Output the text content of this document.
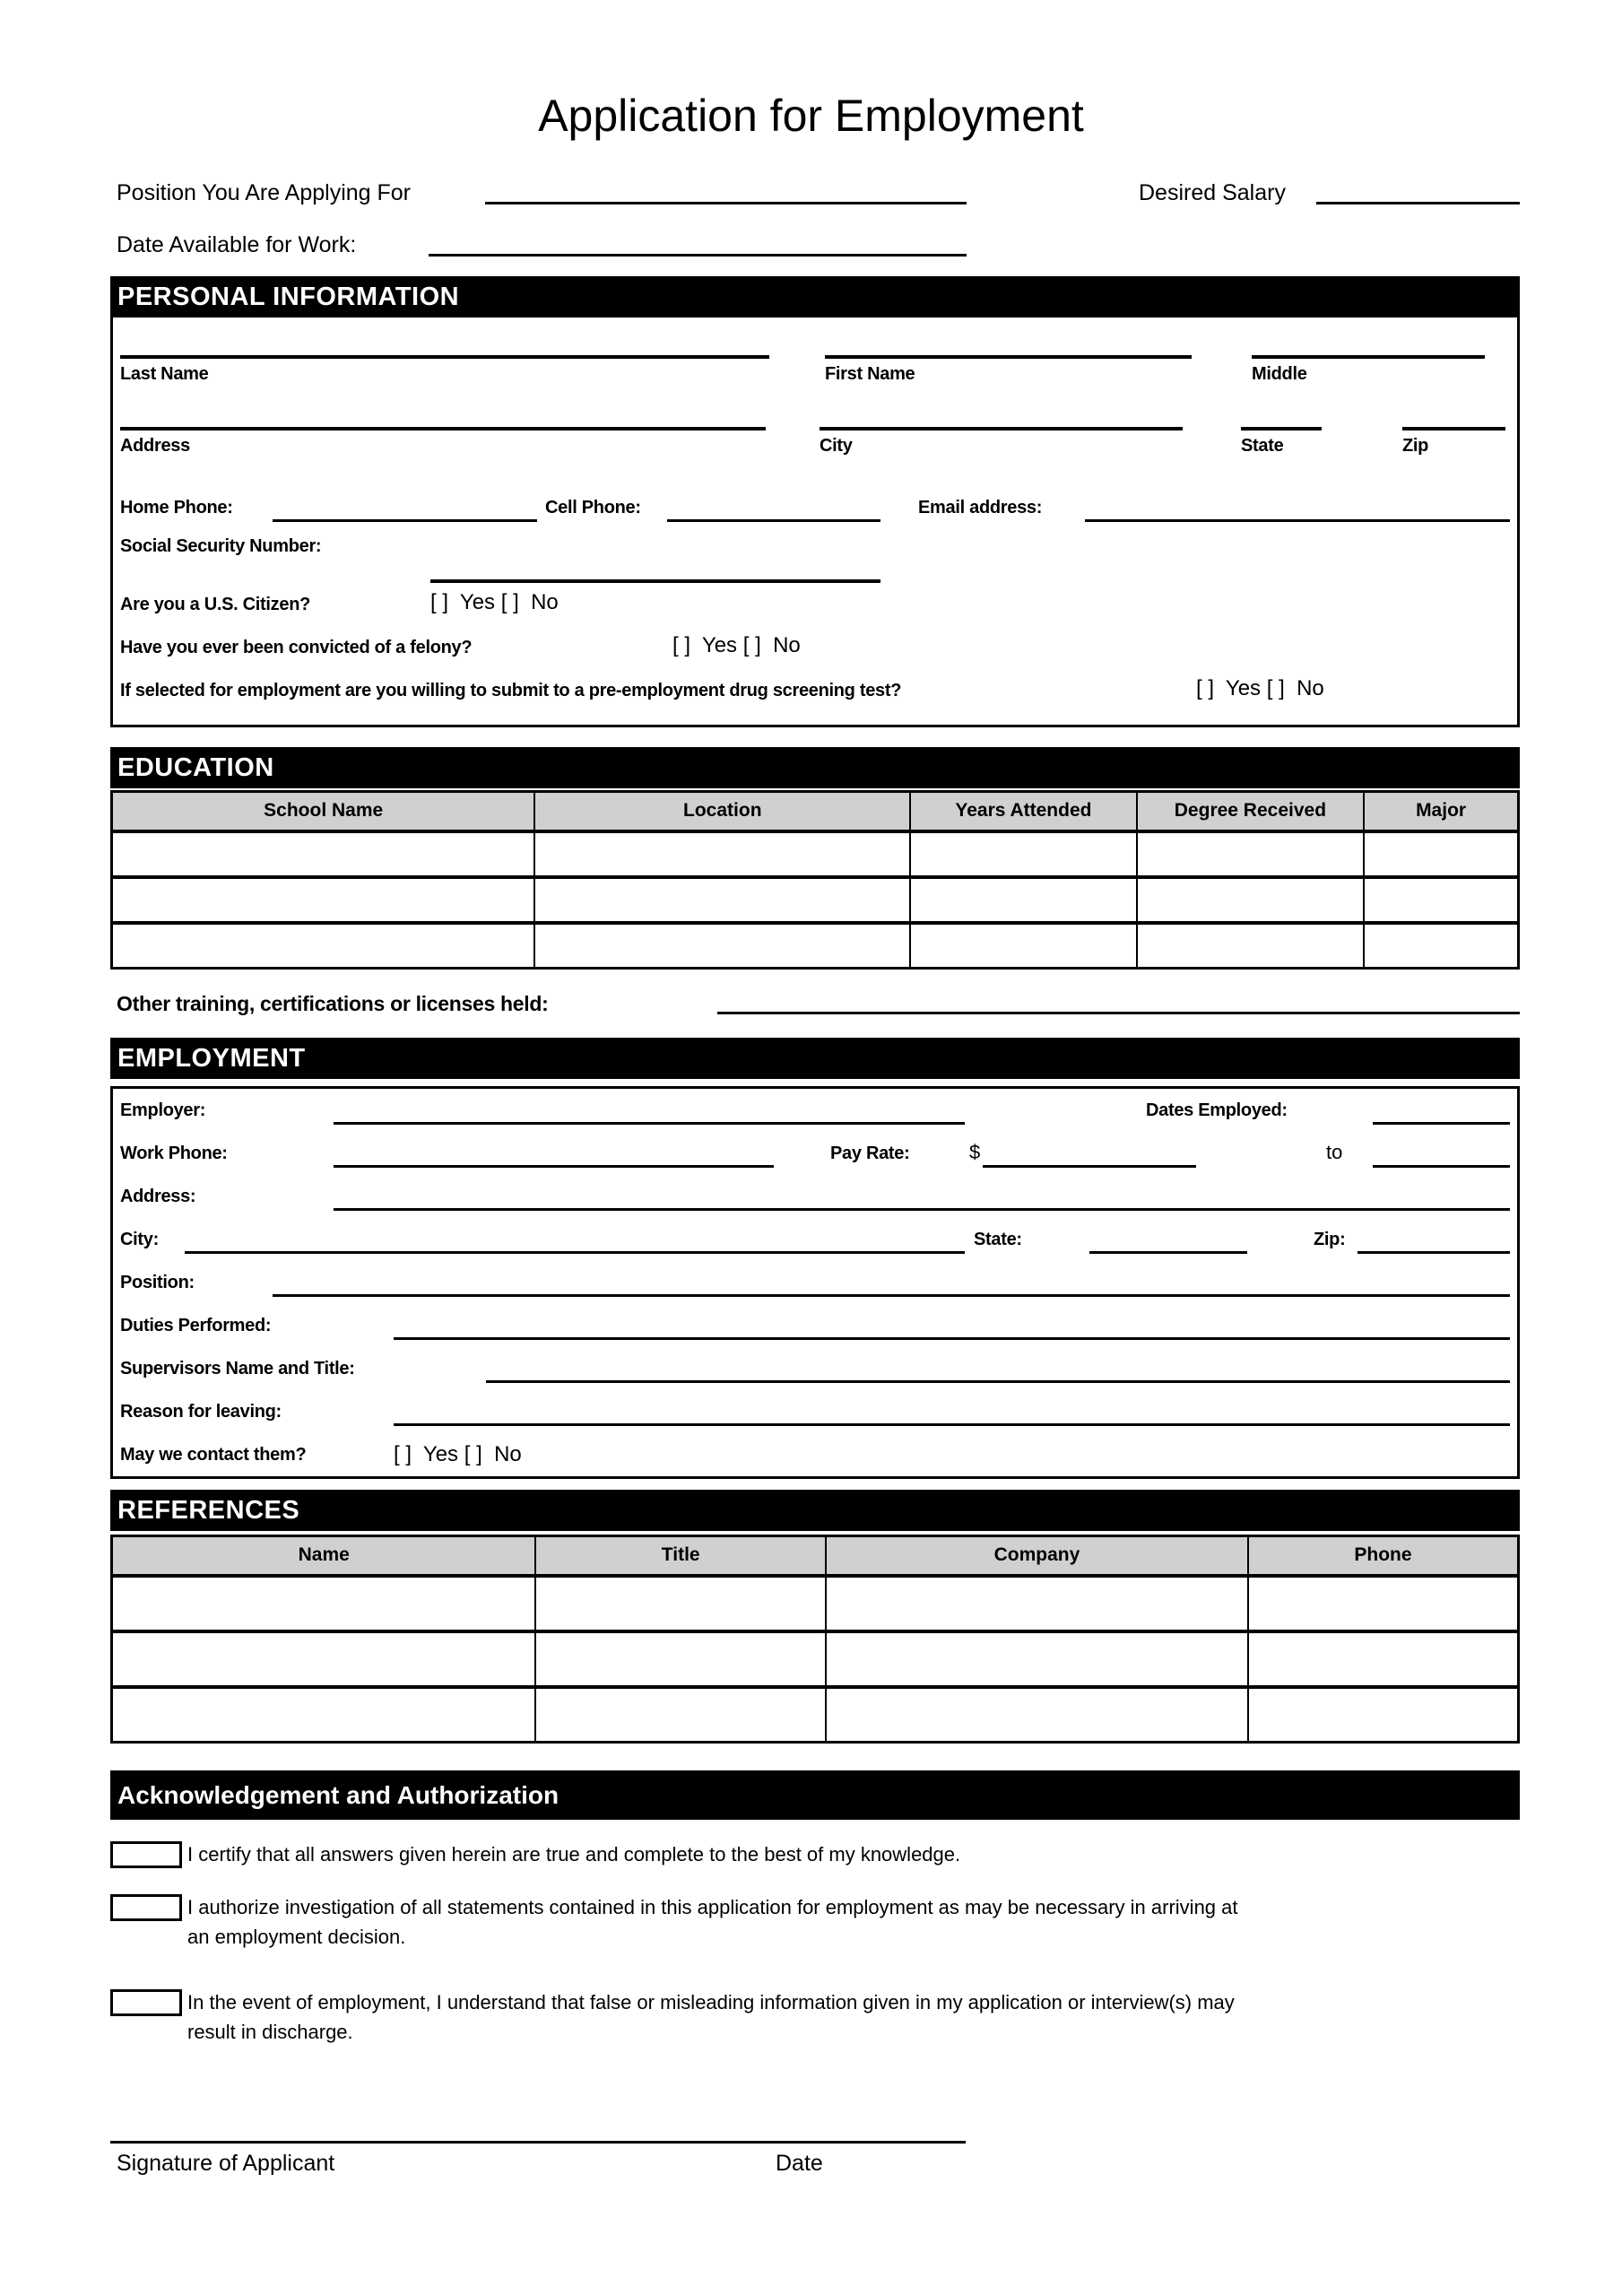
Application for Employment
Position You Are Applying For	Desired Salary
Date Available for Work:
PERSONAL INFORMATION
Last Name	First Name	Middle
Address	City	State	Zip
Home Phone:	Cell Phone:	Email address:
Social Security Number:
Are you a U.S. Citizen?	[ ]  Yes [ ]  No
Have you ever been convicted of a felony?	[ ]  Yes [ ]  No
If selected for employment are you willing to submit to a pre-employment drug screening test?	[ ]  Yes [ ]  No
EDUCATION
School Name	Location	Years Attended	Degree Received	Major

Other training, certifications or licenses held:
EMPLOYMENT
Employer:	Dates Employed:
Work Phone:	Pay Rate:	$	to
Address:
City:	State:	Zip:
Position:
Duties Performed:
Supervisors Name and Title:
Reason for leaving:
May we contact them?	[ ]  Yes [ ]  No
REFERENCES
Name	Title	Company	Phone

Acknowledgement and Authorization
I certify that all answers given herein are true and complete to the best of my knowledge.
I authorize investigation of all statements contained in this application for employment as may be necessary in arriving at
an employment decision.
In the event of employment, I understand that false or misleading information given in my application or interview(s) may
result in discharge.
Signature of Applicant	Date
